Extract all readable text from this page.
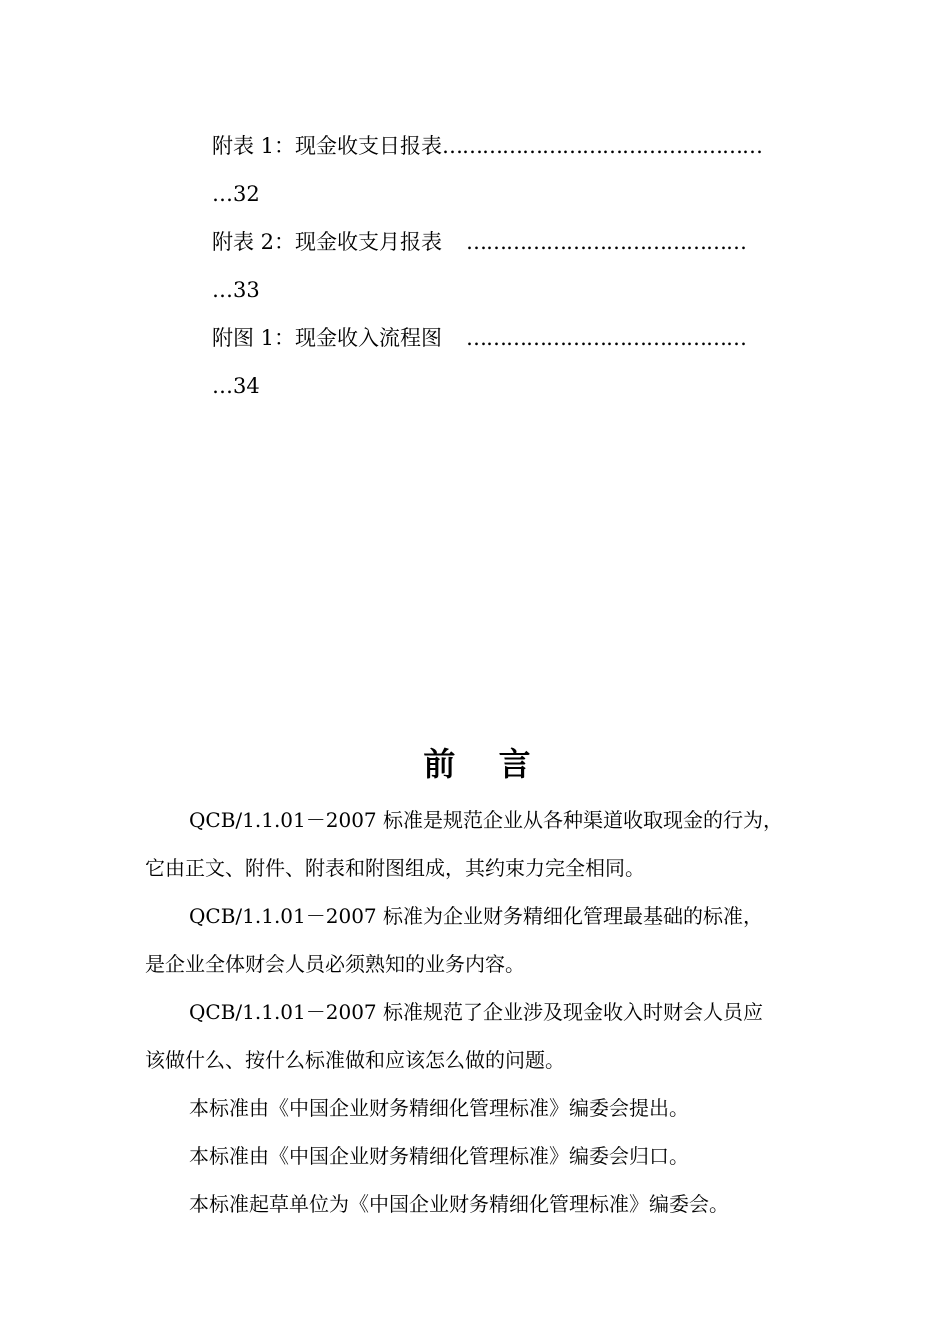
附表 1：现金收支日报表 …………………………………………
…32
附表 2：现金收支月报表 ……………………………………
…33
附图 1：现金收入流程图 ……………………………………
…34
前 言

QCB/1.1.01－2007 标准是规范企业从各种渠道收取现金的行为，
它由正文、附件、附表和附图组成，其约束力完全相同。

QCB/1.1.01－2007 标准为企业财务精细化管理最基础的标准，
是企业全体财会人员必须熟知的业务内容。

QCB/1.1.01－2007 标准规范了企业涉及现金收入时财会人员应
该做什么、按什么标准做和应该怎么做的问题。

本标准由《中国企业财务精细化管理标准》编委会提出。

本标准由《中国企业财务精细化管理标准》编委会归口。

本标准起草单位为《中国企业财务精细化管理标准》编委会。
